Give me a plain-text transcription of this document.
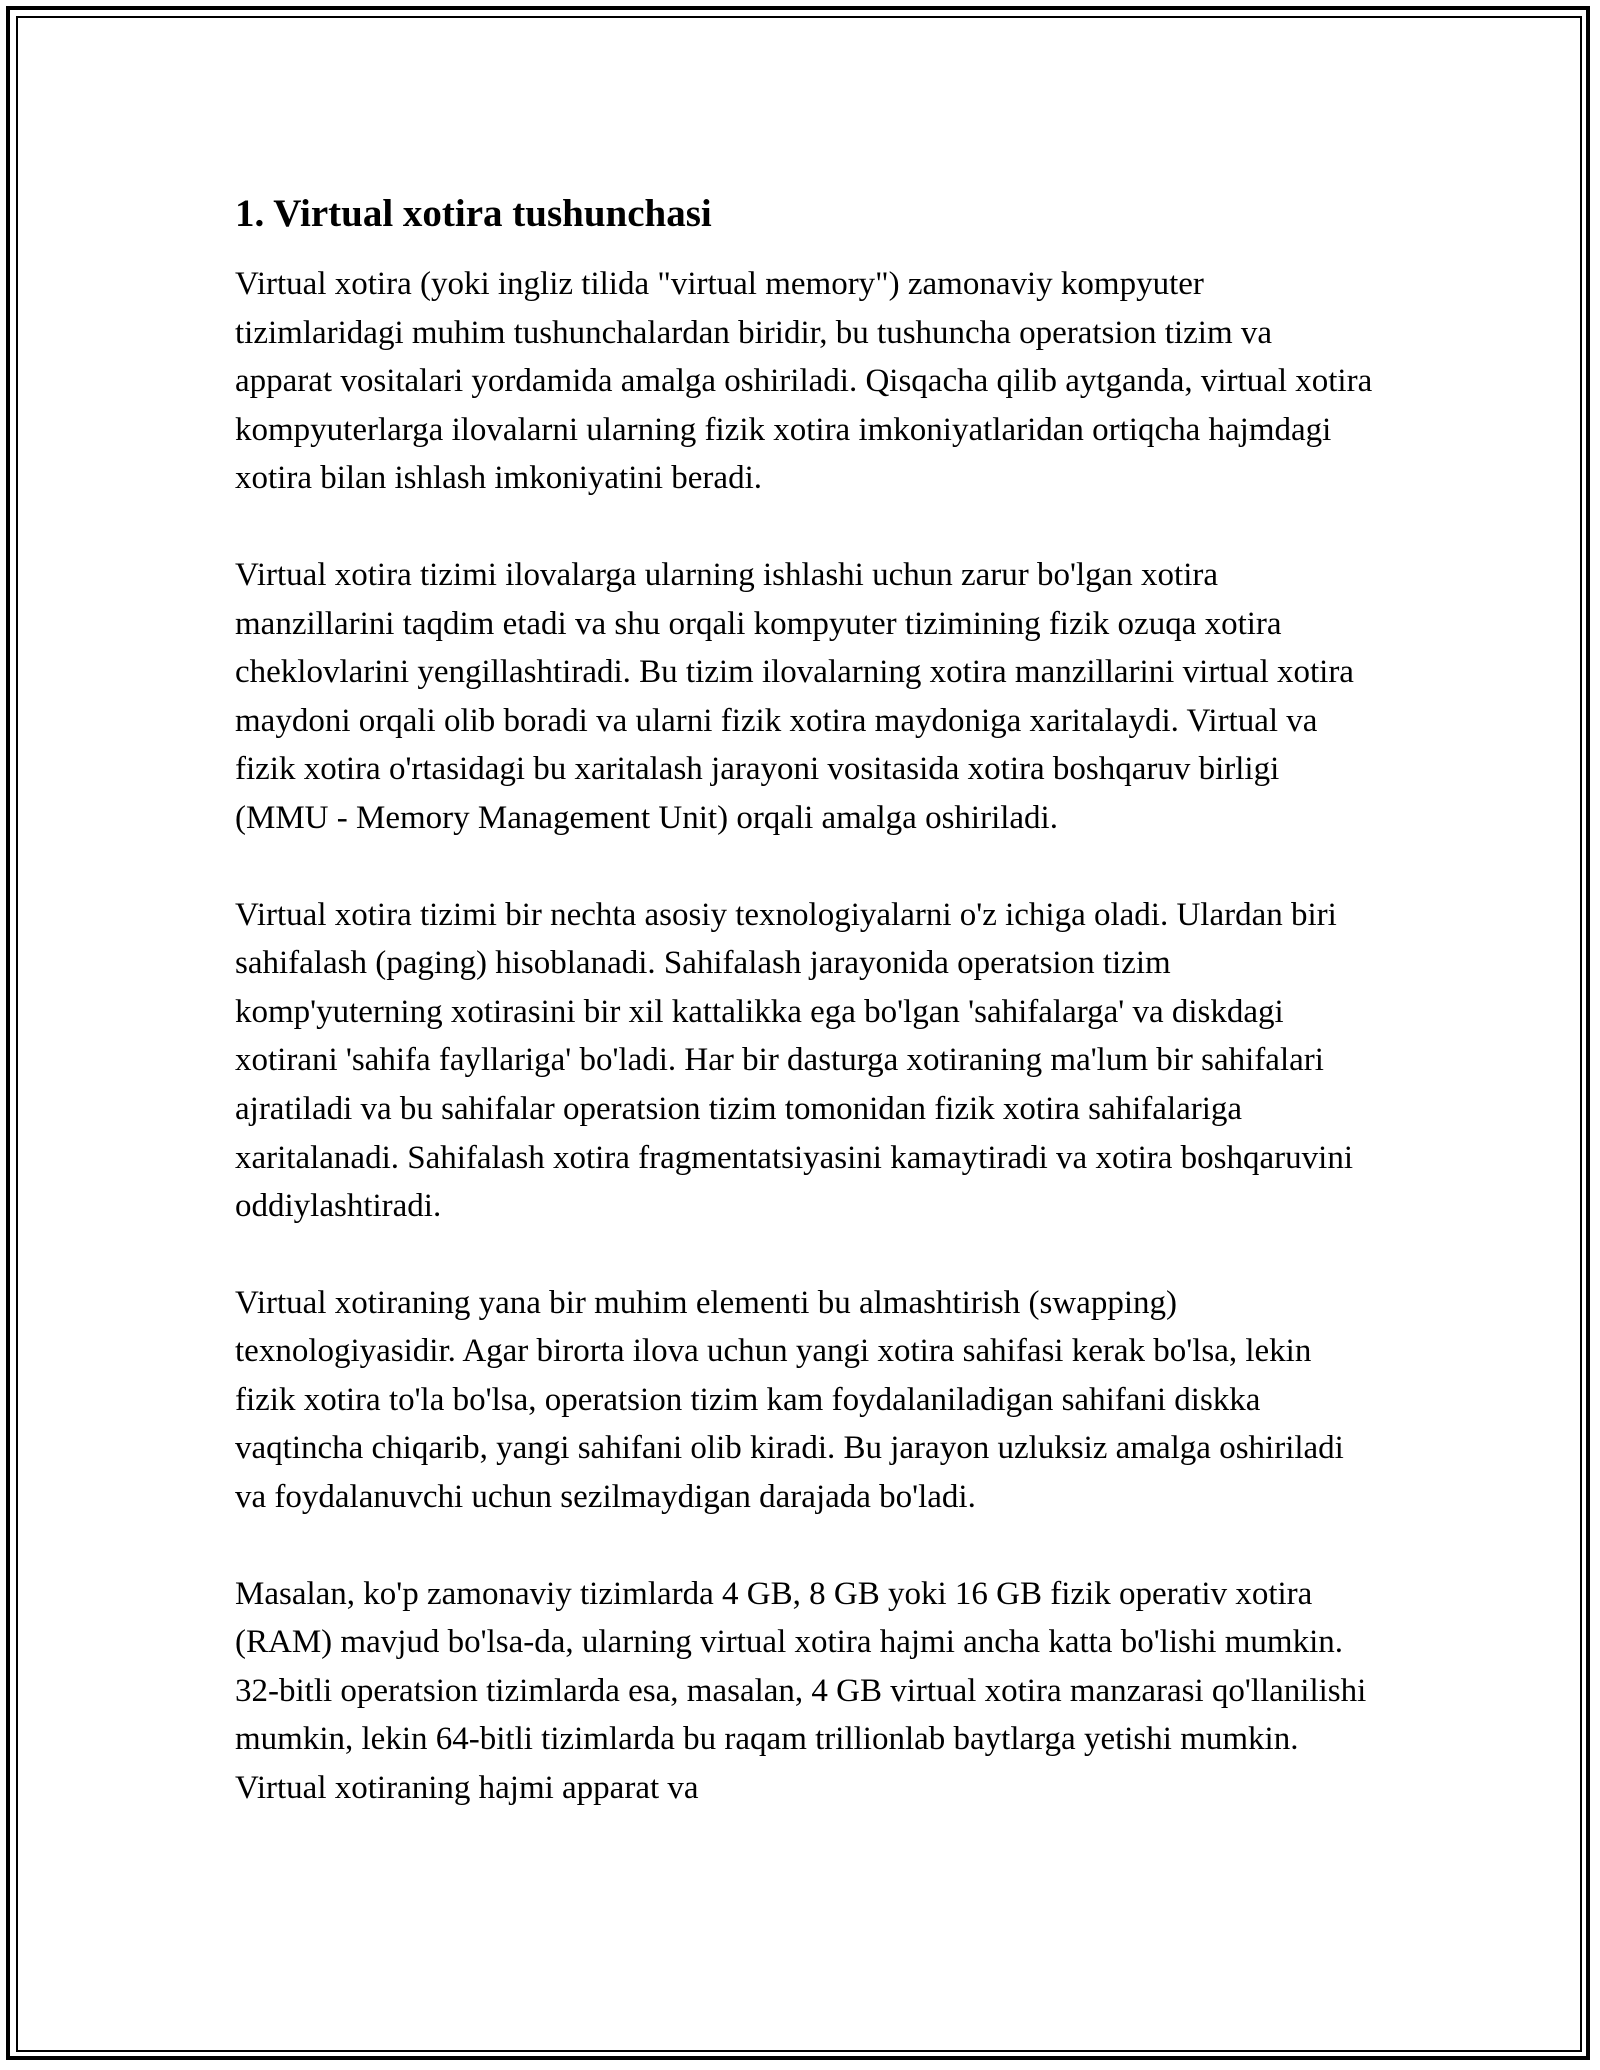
1. Virtual xotira tushunchasi

Virtual xotira (yoki ingliz tilida "virtual memory") zamonaviy kompyuter tizimlaridagi muhim tushunchalardan biridir, bu tushuncha operatsion tizim va apparat vositalari yordamida amalga oshiriladi. Qisqacha qilib aytganda, virtual xotira kompyuterlarga ilovalarni ularning fizik xotira imkoniyatlaridan ortiqcha hajmdagi xotira bilan ishlash imkoniyatini beradi.

Virtual xotira tizimi ilovalarga ularning ishlashi uchun zarur bo'lgan xotira manzillarini taqdim etadi va shu orqali kompyuter tizimining fizik ozuqa xotira cheklovlarini yengillashtiradi. Bu tizim ilovalarning xotira manzillarini virtual xotira maydoni orqali olib boradi va ularni fizik xotira maydoniga xaritalaydi. Virtual va fizik xotira o'rtasidagi bu xaritalash jarayoni vositasida xotira boshqaruv birligi (MMU - Memory Management Unit) orqali amalga oshiriladi.

Virtual xotira tizimi bir nechta asosiy texnologiyalarni o'z ichiga oladi. Ulardan biri sahifalash (paging) hisoblanadi. Sahifalash jarayonida operatsion tizim komp'yuterning xotirasini bir xil kattalikka ega bo'lgan 'sahifalarga' va diskdagi xotirani 'sahifa fayllariga' bo'ladi. Har bir dasturga xotiraning ma'lum bir sahifalari ajratiladi va bu sahifalar operatsion tizim tomonidan fizik xotira sahifalariga xaritalanadi. Sahifalash xotira fragmentatsiyasini kamaytiradi va xotira boshqaruvini oddiylashtiradi.

Virtual xotiraning yana bir muhim elementi bu almashtirish (swapping) texnologiyasidir. Agar birorta ilova uchun yangi xotira sahifasi kerak bo'lsa, lekin fizik xotira to'la bo'lsa, operatsion tizim kam foydalaniladigan sahifani diskka vaqtincha chiqarib, yangi sahifani olib kiradi. Bu jarayon uzluksiz amalga oshiriladi va foydalanuvchi uchun sezilmaydigan darajada bo'ladi.

Masalan, ko'p zamonaviy tizimlarda 4 GB, 8 GB yoki 16 GB fizik operativ xotira (RAM) mavjud bo'lsa-da, ularning virtual xotira hajmi ancha katta bo'lishi mumkin. 32-bitli operatsion tizimlarda esa, masalan, 4 GB virtual xotira manzarasi qo'llanilishi mumkin, lekin 64-bitli tizimlarda bu raqam trillionlab baytlarga yetishi mumkin. Virtual xotiraning hajmi apparat va
